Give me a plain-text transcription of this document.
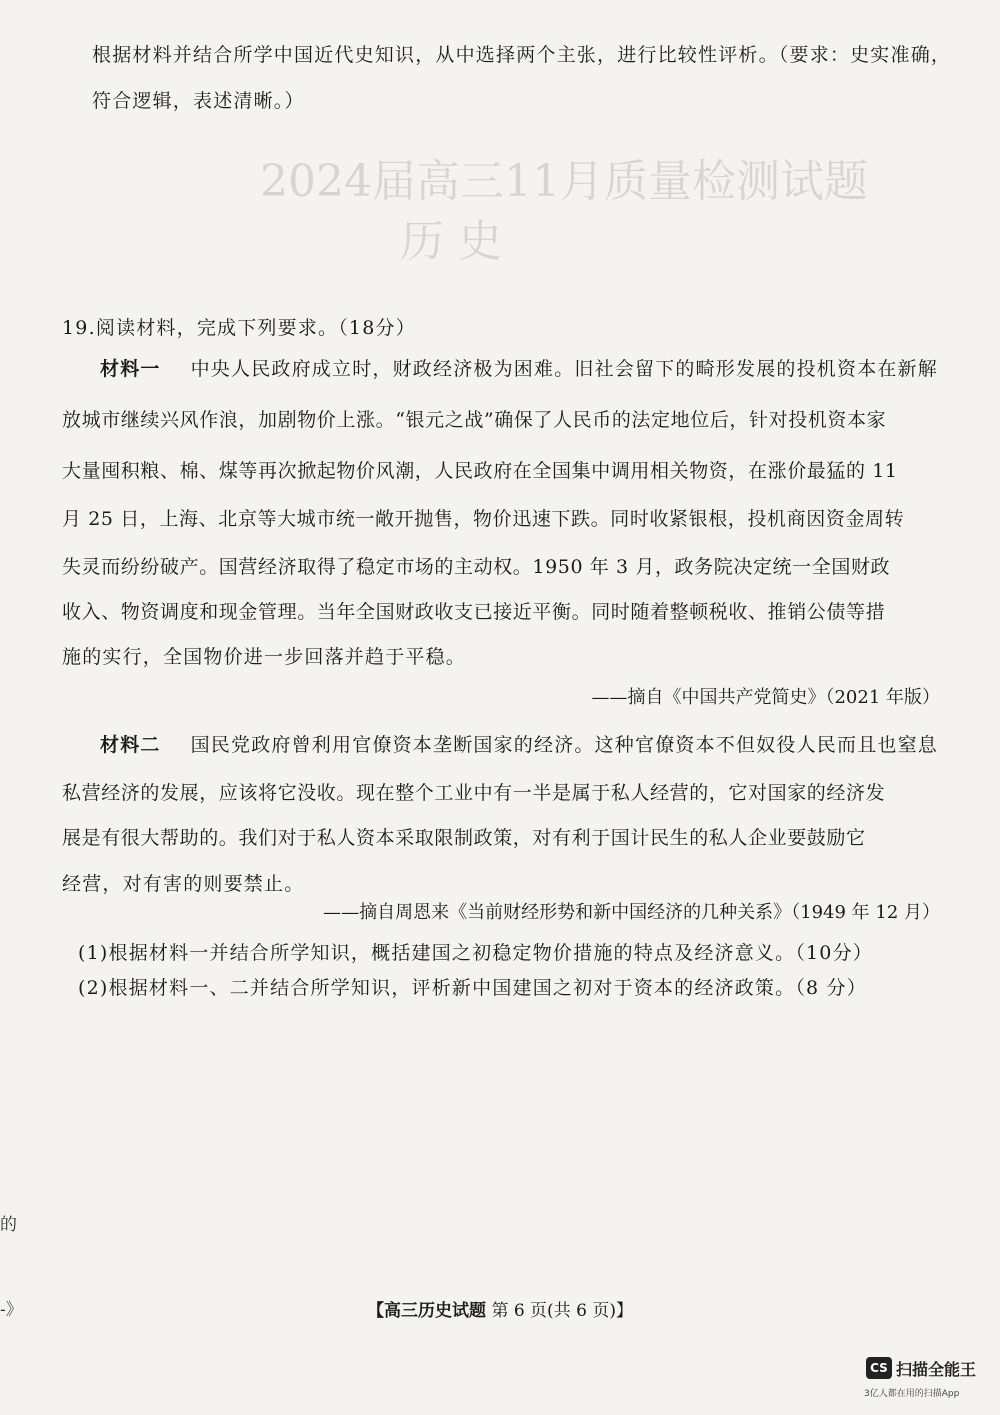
2024届高三11月质量检测试题
历 史
根据材料并结合所学中国近代史知识，从中选择两个主张，进行比较性评析。（要求：史实准确，
符合逻辑，表述清晰。）
19.阅读材料，完成下列要求。（18分）
材料一 中央人民政府成立时，财政经济极为困难。旧社会留下的畸形发展的投机资本在新解
放城市继续兴风作浪，加剧物价上涨。“银元之战”确保了人民币的法定地位后，针对投机资本家
大量囤积粮、棉、煤等再次掀起物价风潮，人民政府在全国集中调用相关物资，在涨价最猛的 11
月 25 日，上海、北京等大城市统一敞开抛售，物价迅速下跌。同时收紧银根，投机商因资金周转
失灵而纷纷破产。国营经济取得了稳定市场的主动权。1950 年 3 月，政务院决定统一全国财政
收入、物资调度和现金管理。当年全国财政收支已接近平衡。同时随着整顿税收、推销公债等措
施的实行，全国物价进一步回落并趋于平稳。
——摘自《中国共产党简史》（2021 年版）
材料二 国民党政府曾利用官僚资本垄断国家的经济。这种官僚资本不但奴役人民而且也窒息
私营经济的发展，应该将它没收。现在整个工业中有一半是属于私人经营的，它对国家的经济发
展是有很大帮助的。我们对于私人资本采取限制政策，对有利于国计民生的私人企业要鼓励它
经营，对有害的则要禁止。
——摘自周恩来《当前财经形势和新中国经济的几种关系》（1949 年 12 月）
(1)根据材料一并结合所学知识，概括建国之初稳定物价措施的特点及经济意义。（10分）
(2)根据材料一、二并结合所学知识，评析新中国建国之初对于资本的经济政策。（8 分）
的
-》	【高三历史试题 第 6 页(共 6 页)】
CS 扫描全能王
3亿人都在用的扫描App
